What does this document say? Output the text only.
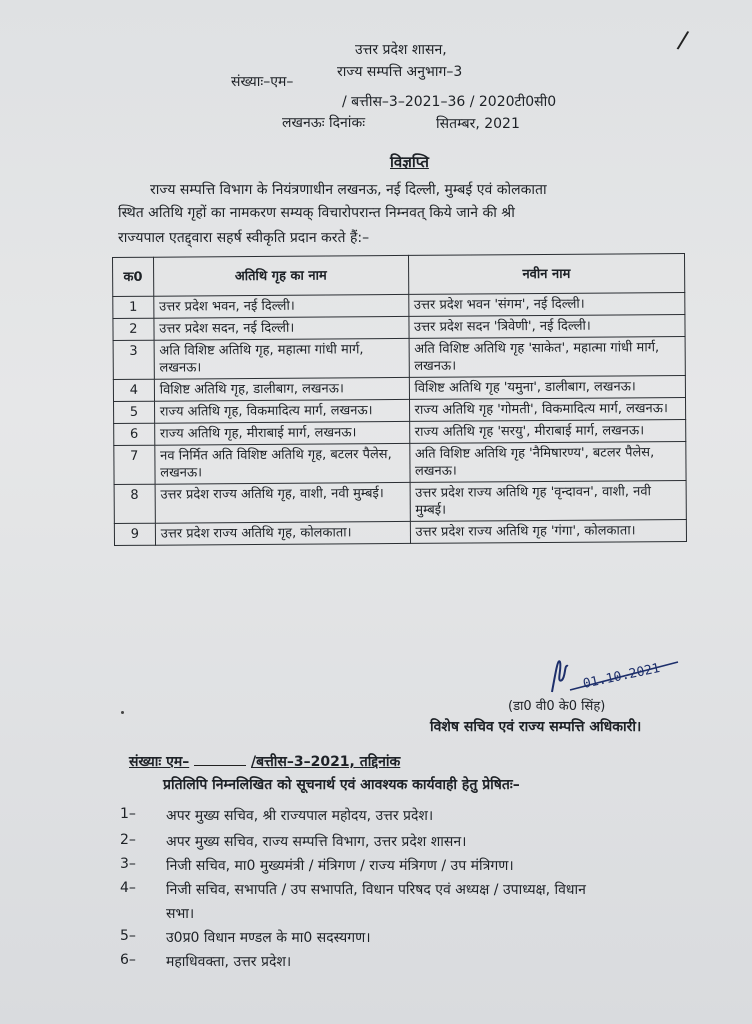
/
उत्तर प्रदेश शासन,
राज्य सम्पत्ति अनुभाग–3
संख्याः–एम–
/ बत्तीस–3–2021–36 / 2020टी0सी0
लखनऊः दिनांकः	सितम्बर, 2021
विज्ञप्ति
राज्य सम्पत्ति विभाग के नियंत्रणाधीन लखनऊ, नई दिल्ली, मुम्बई एवं कोलकाता
स्थित अतिथि गृहों का नामकरण सम्यक् विचारोपरान्त निम्नवत् किये जाने की श्री
राज्यपाल एतद्द्वारा सहर्ष स्वीकृति प्रदान करते हैं:–
क0	अतिथि गृह का नाम	नवीन नाम
1	उत्तर प्रदेश भवन, नई दिल्ली।	उत्तर प्रदेश भवन 'संगम', नई दिल्ली।
2	उत्तर प्रदेश सदन, नई दिल्ली।	उत्तर प्रदेश सदन 'त्रिवेणी', नई दिल्ली।
3	अति विशिष्ट अतिथि गृह, महात्मा गांधी मार्ग, लखनऊ।	अति विशिष्ट अतिथि गृह 'साकेत', महात्मा गांधी मार्ग, लखनऊ।
4	विशिष्ट अतिथि गृह, डालीबाग, लखनऊ।	विशिष्ट अतिथि गृह 'यमुना', डालीबाग, लखनऊ।
5	राज्य अतिथि गृह, विकमादित्य मार्ग, लखनऊ।	राज्य अतिथि गृह 'गोमती', विकमादित्य मार्ग, लखनऊ।
6	राज्य अतिथि गृह, मीराबाई मार्ग, लखनऊ।	राज्य अतिथि गृह 'सरयु', मीराबाई मार्ग, लखनऊ।
7	नव निर्मित अति विशिष्ट अतिथि गृह, बटलर पैलेस, लखनऊ।	अति विशिष्ट अतिथि गृह 'नैमिषारण्य', बटलर पैलेस, लखनऊ।
8	उत्तर प्रदेश राज्य अतिथि गृह, वाशी, नवी मुम्बई।	उत्तर प्रदेश राज्य अतिथि गृह 'वृन्दावन', वाशी, नवी मुम्बई।
9	उत्तर प्रदेश राज्य अतिथि गृह, कोलकाता।	उत्तर प्रदेश राज्य अतिथि गृह 'गंगा', कोलकाता।
01.10.2021
(डा0 वी0 के0 सिंह)
विशेष सचिव एवं राज्य सम्पत्ति अधिकारी।
संख्याः एम–	/बत्तीस–3–2021, तद्दिनांक
प्रतिलिपि निम्नलिखित को सूचनार्थ एवं आवश्यक कार्यवाही हेतु प्रेषितः–
1– अपर मुख्य सचिव, श्री राज्यपाल महोदय, उत्तर प्रदेश।
2– अपर मुख्य सचिव, राज्य सम्पत्ति विभाग, उत्तर प्रदेश शासन।
3– निजी सचिव, मा0 मुख्यमंत्री / मंत्रिगण / राज्य मंत्रिगण / उप मंत्रिगण।
4– निजी सचिव, सभापति / उप सभापति, विधान परिषद एवं अध्यक्ष / उपाध्यक्ष, विधान
सभा।
5– उ0प्र0 विधान मण्डल के मा0 सदस्यगण।
6– महाधिवक्ता, उत्तर प्रदेश।
